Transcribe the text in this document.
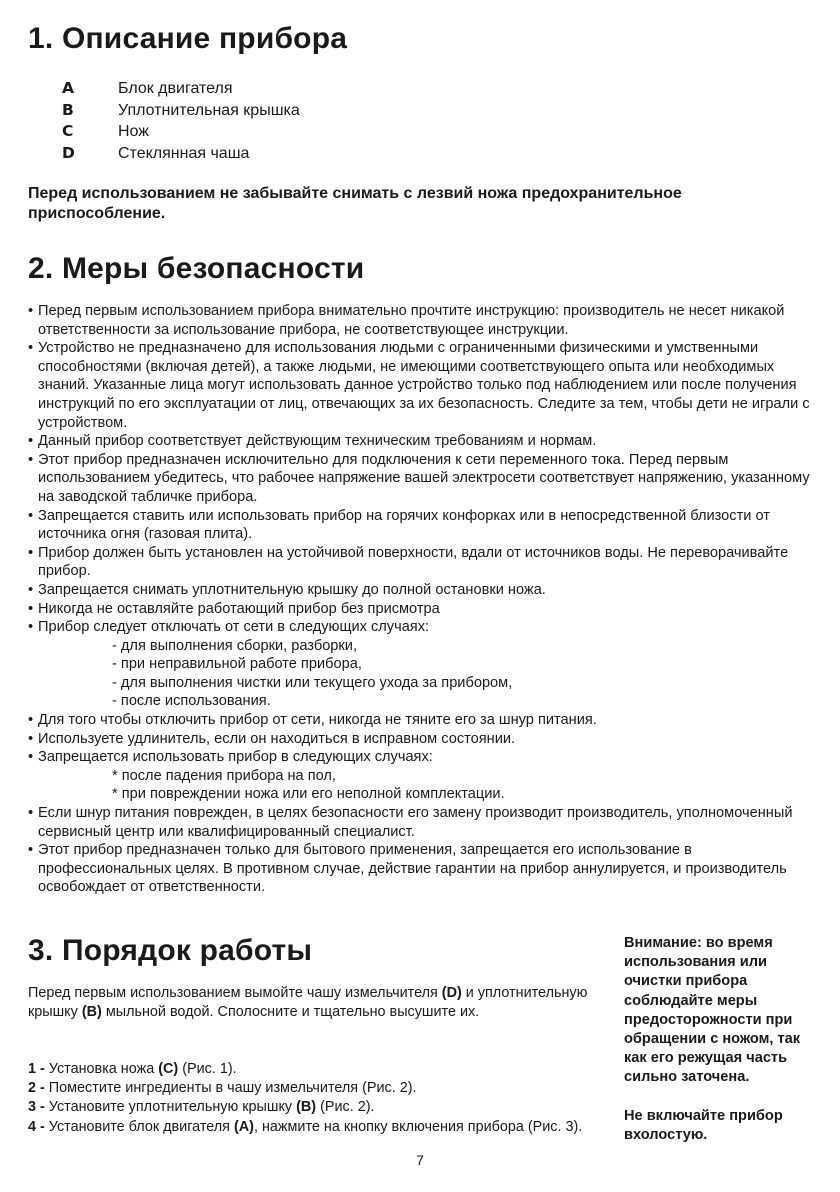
1. Описание прибора
A	Блок двигателя
B	Уплотнительная крышка
C	Нож
D	Стеклянная чаша
Перед использованием не забывайте снимать с лезвий ножа предохранительное приспособление.
2. Меры безопасности
• Перед первым использованием прибора внимательно прочтите инструкцию: производитель не несет никакой ответственности за использование прибора, не соответствующее инструкции.
• Устройство не предназначено для использования людьми с ограниченными физическими и умственными способностями (включая детей), а также людьми, не имеющими соответствующего опыта или необходимых знаний. Указанные лица могут использовать данное устройство только под наблюдением или после получения инструкций по его эксплуатации от лиц, отвечающих за их безопасность. Следите за тем, чтобы дети не играли с устройством.
• Данный прибор соответствует действующим техническим требованиям и нормам.
• Этот прибор предназначен исключительно для подключения к сети переменного тока. Перед первым использованием убедитесь, что рабочее напряжение вашей электросети соответствует напряжению, указанному на заводской табличке прибора.
• Запрещается ставить или использовать прибор на горячих конфорках или в непосредственной близости от источника огня (газовая плита).
• Прибор должен быть установлен на устойчивой поверхности, вдали от источников воды. Не переворачивайте прибор.
• Запрещается снимать уплотнительную крышку до полной остановки ножа.
• Никогда не оставляйте работающий прибор без присмотра
• Прибор следует отключать от сети в следующих случаях:
- для выполнения сборки, разборки,
- при неправильной работе прибора,
- для выполнения чистки или текущего ухода за прибором,
- после использования.
• Для того чтобы отключить прибор от сети, никогда не тяните его за шнур питания.
• Используете удлинитель, если он находиться в исправном состоянии.
• Запрещается использовать прибор в следующих случаях:
* после падения прибора на пол,
* при повреждении ножа или его неполной комплектации.
• Если шнур питания поврежден, в целях безопасности его замену производит производитель, уполномоченный сервисный центр или квалифицированный специалист.
• Этот прибор предназначен только для бытового применения, запрещается его использование в профессиональных целях. В противном случае, действие гарантии на прибор аннулируется, и производитель освобождает от ответственности.
3. Порядок работы
Перед первым использованием вымойте чашу измельчителя (D) и уплотнительную крышку (B) мыльной водой. Сполосните и тщательно высушите их.
1 - Установка ножа (C) (Рис. 1).
2 - Поместите ингредиенты в чашу измельчителя (Рис. 2).
3 - Установите уплотнительную крышку (B) (Рис. 2).
4 - Установите блок двигателя (A), нажмите на кнопку включения прибора (Рис. 3).

Внимание: во время использования или очистки прибора соблюдайте меры предосторожности при обращении с ножом, так как его режущая часть сильно заточена.

Не включайте прибор вхолостую.

7
